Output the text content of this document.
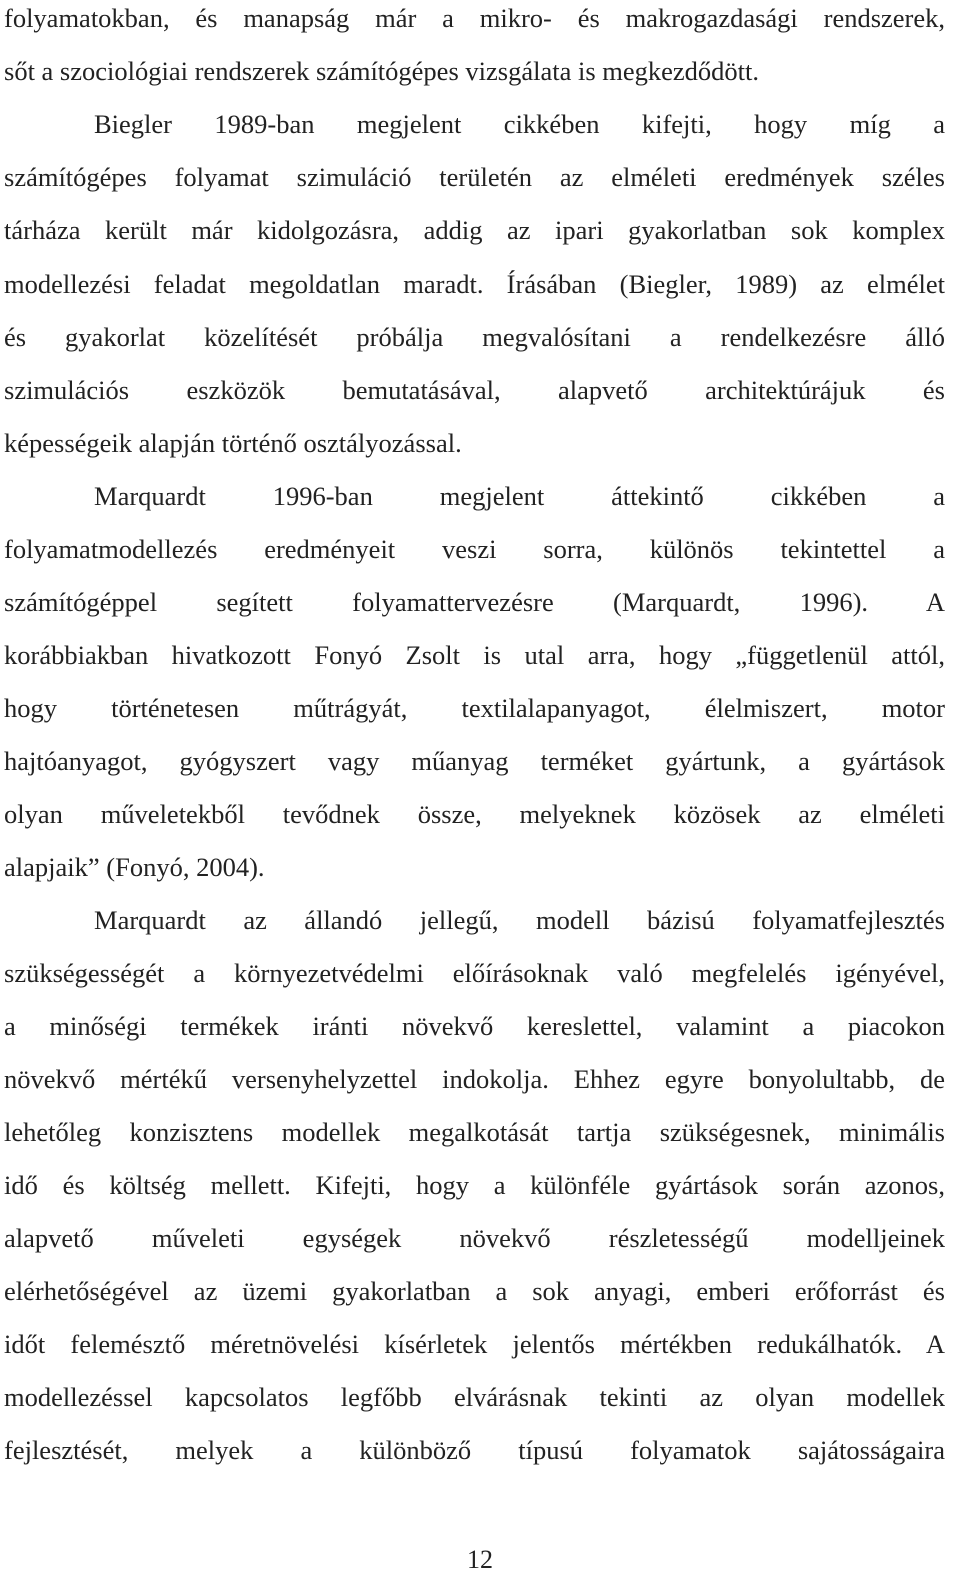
folyamatokban, és manapság már a mikro- és makrogazdasági rendszerek,
sőt a szociológiai rendszerek számítógépes vizsgálata is megkezdődött.
Biegler 1989-ban megjelent cikkében kifejti, hogy míg a
számítógépes folyamat szimuláció területén az elméleti eredmények széles
tárháza került már kidolgozásra, addig az ipari gyakorlatban sok komplex
modellezési feladat megoldatlan maradt. Írásában (Biegler, 1989) az elmélet
és gyakorlat közelítését próbálja megvalósítani a rendelkezésre álló
szimulációs eszközök bemutatásával, alapvető architektúrájuk és
képességeik alapján történő osztályozással.
Marquardt 1996-ban megjelent áttekintő cikkében a
folyamatmodellezés eredményeit veszi sorra, különös tekintettel a
számítógéppel segített folyamattervezésre (Marquardt, 1996). A
korábbiakban hivatkozott Fonyó Zsolt is utal arra, hogy „függetlenül attól,
hogy történetesen műtrágyát, textilalapanyagot, élelmiszert, motor
hajtóanyagot, gyógyszert vagy műanyag terméket gyártunk, a gyártások
olyan műveletekből tevődnek össze, melyeknek közösek az elméleti
alapjaik” (Fonyó, 2004).
Marquardt az állandó jellegű, modell bázisú folyamatfejlesztés
szükségességét a környezetvédelmi előírásoknak való megfelelés igényével,
a minőségi termékek iránti növekvő kereslettel, valamint a piacokon
növekvő mértékű versenyhelyzettel indokolja. Ehhez egyre bonyolultabb, de
lehetőleg konzisztens modellek megalkotását tartja szükségesnek, minimális
idő és költség mellett. Kifejti, hogy a különféle gyártások során azonos,
alapvető műveleti egységek növekvő részletességű modelljeinek
elérhetőségével az üzemi gyakorlatban a sok anyagi, emberi erőforrást és
időt felemésztő méretnövelési kísérletek jelentős mértékben redukálhatók. A
modellezéssel kapcsolatos legfőbb elvárásnak tekinti az olyan modellek
fejlesztését, melyek a különböző típusú folyamatok sajátosságaira
12
